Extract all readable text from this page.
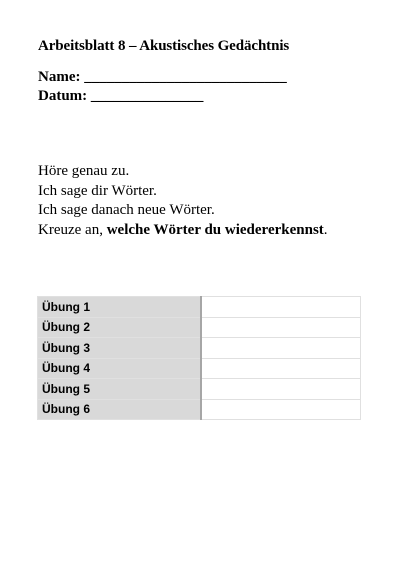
Arbeitsblatt 8 – Akustisches Gedächtnis
Name: ___________________________
Datum: _______________

Höre genau zu.

Ich sage dir Wörter.

Ich sage danach neue Wörter.

Kreuze an, welche Wörter du wiedererkennst.

Übung 1	
Übung 2	
Übung 3	
Übung 4	
Übung 5	
Übung 6	
